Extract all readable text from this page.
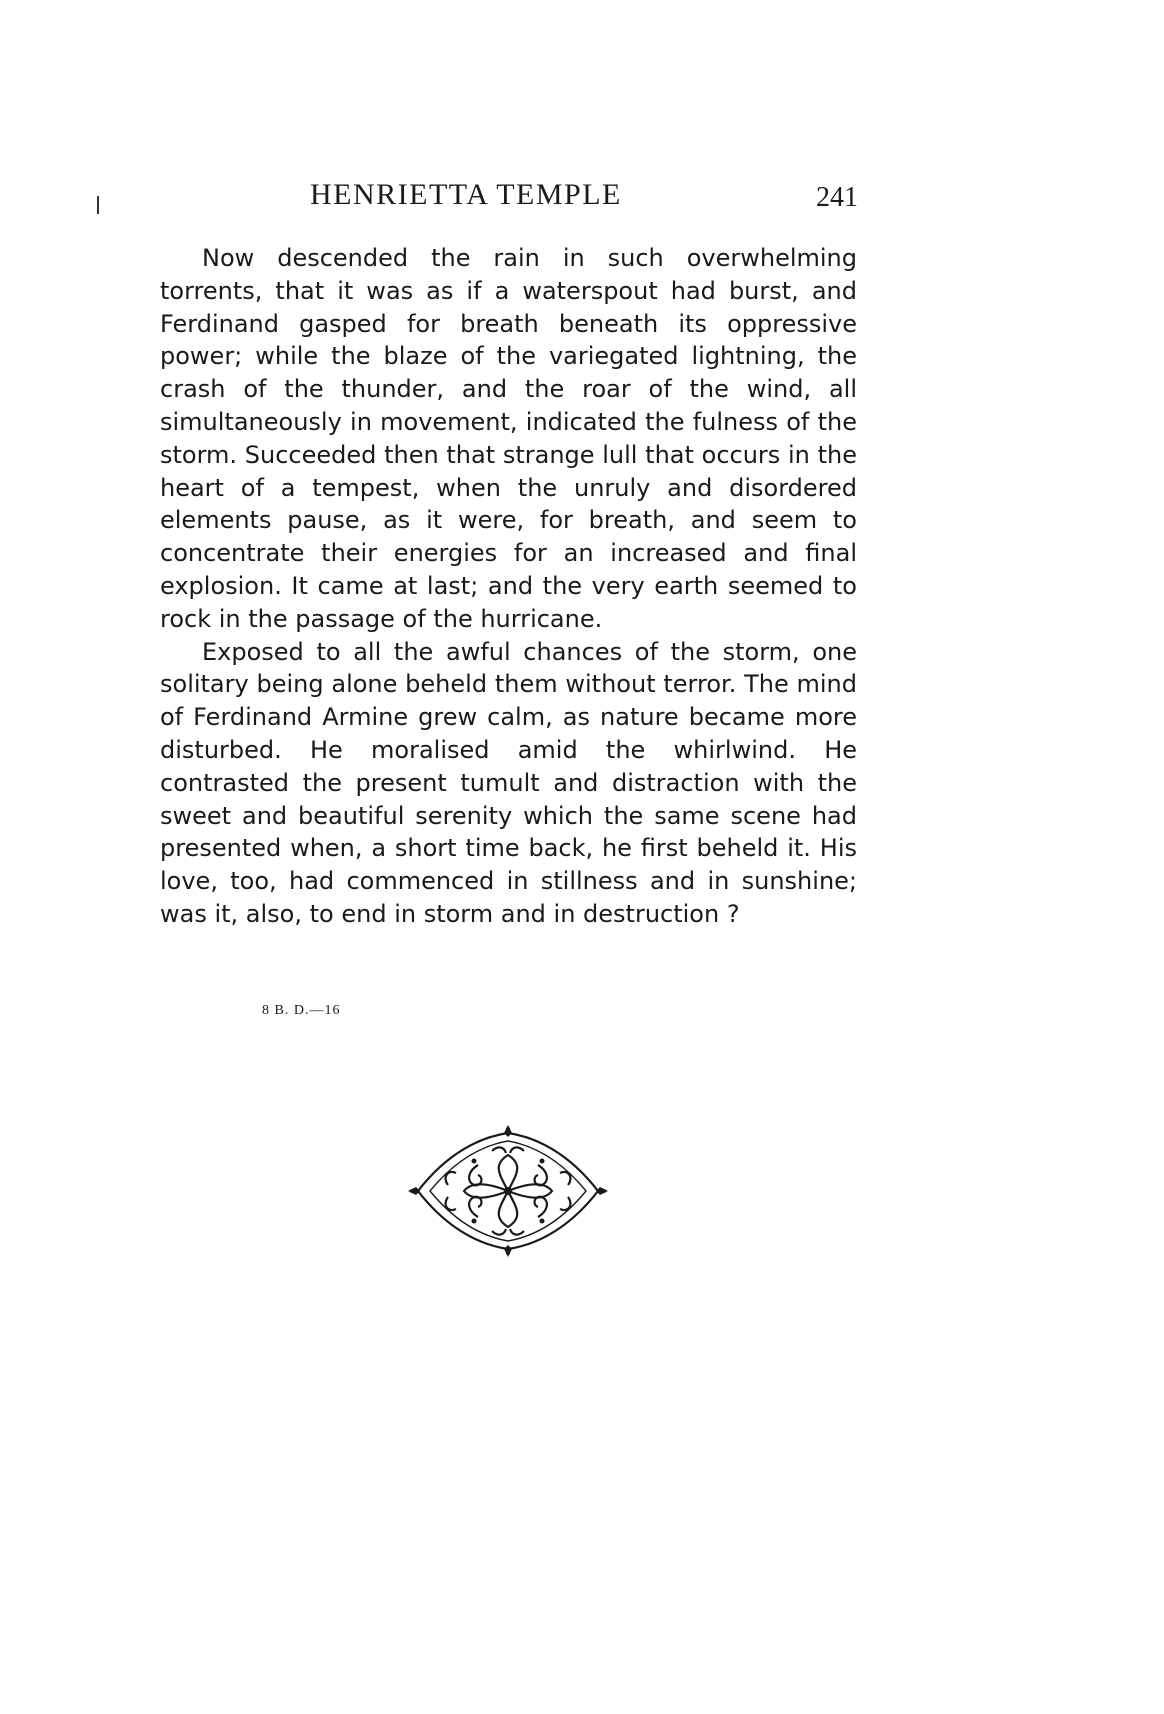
HENRIETTA TEMPLE	241

Now descended the rain in such overwhelming torrents, that it was as if a waterspout had burst, and Ferdinand gasped for breath beneath its oppressive power; while the blaze of the variegated lightning, the crash of the thunder, and the roar of the wind, all simultaneously in movement, indicated the fulness of the storm. Succeeded then that strange lull that occurs in the heart of a tempest, when the unruly and disordered elements pause, as it were, for breath, and seem to concentrate their energies for an increased and final explosion. It came at last; and the very earth seemed to rock in the passage of the hurricane.

Exposed to all the awful chances of the storm, one solitary being alone beheld them without terror. The mind of Ferdinand Armine grew calm, as nature became more disturbed. He moralised amid the whirlwind. He contrasted the present tumult and distraction with the sweet and beautiful serenity which the same scene had presented when, a short time back, he first beheld it. His love, too, had commenced in stillness and in sunshine; was it, also, to end in storm and in destruction ?

8 B. D.—16
